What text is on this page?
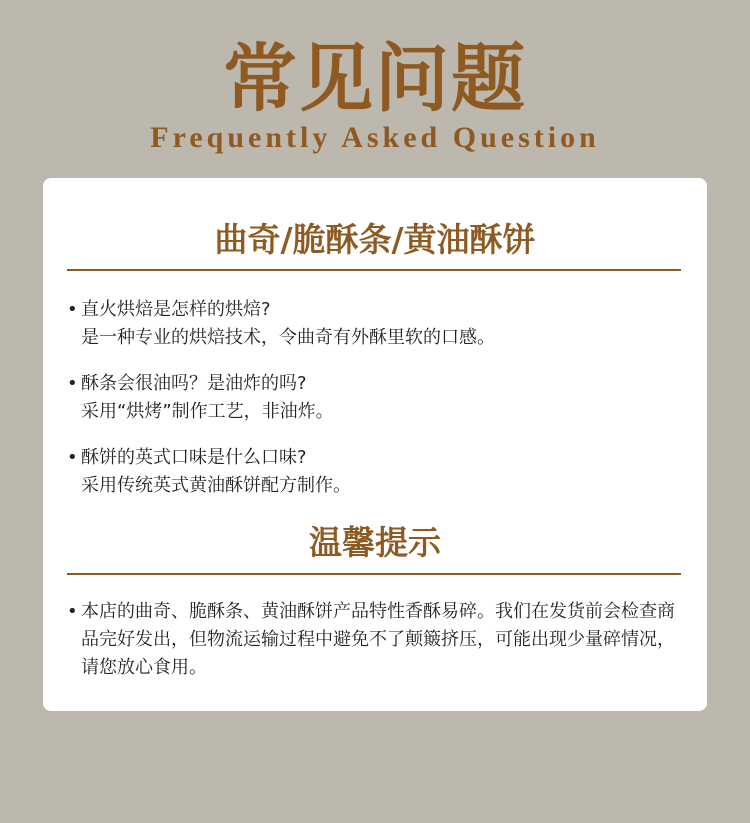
常见问题
Frequently Asked Question
曲奇/脆酥条/黄油酥饼
• 直火烘焙是怎样的烘焙?
是一种专业的烘焙技术，令曲奇有外酥里软的口感。
• 酥条会很油吗？是油炸的吗?
采用“烘烤”制作工艺，非油炸。
• 酥饼的英式口味是什么口味?
采用传统英式黄油酥饼配方制作。
温馨提示
• 本店的曲奇、脆酥条、黄油酥饼产品特性香酥易碎。我们在发货前会检查商品完好发出，但物流运输过程中避免不了颠簸挤压，可能出现少量碎情况，请您放心食用。
